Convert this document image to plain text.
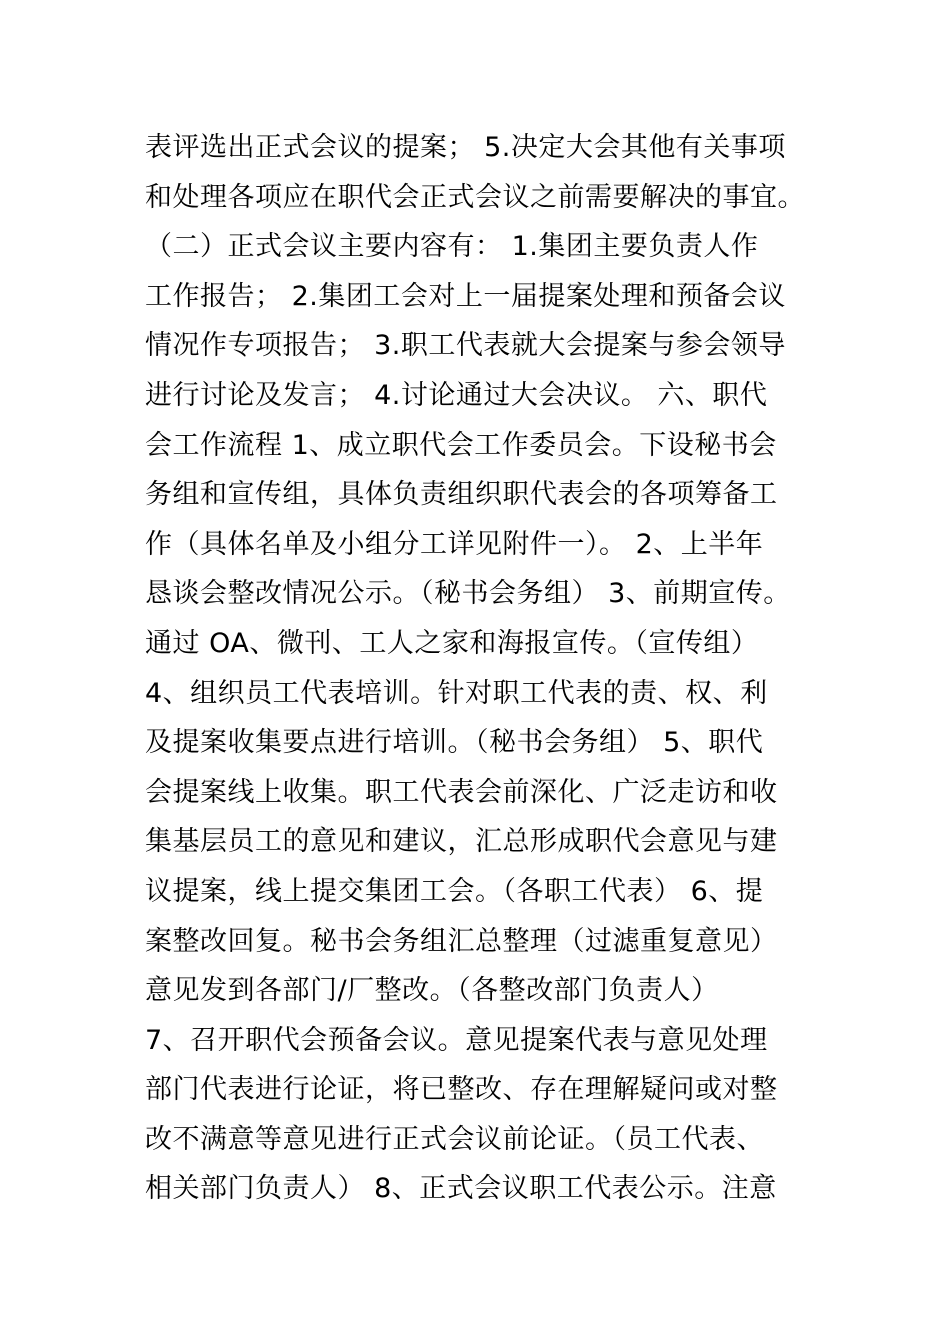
表评选出正式会议的提案； 5.决定大会其他有关事项
和处理各项应在职代会正式会议之前需要解决的事宜。
（二）正式会议主要内容有： 1.集团主要负责人作
工作报告； 2.集团工会对上一届提案处理和预备会议
情况作专项报告； 3.职工代表就大会提案与参会领导
进行讨论及发言； 4.讨论通过大会决议。 六、职代
会工作流程 1、成立职代会工作委员会。下设秘书会
务组和宣传组，具体负责组织职代表会的各项筹备工
作（具体名单及小组分工详见附件一）。 2、上半年
恳谈会整改情况公示。（秘书会务组） 3、前期宣传。
通过 OA、微刊、工人之家和海报宣传。（宣传组）
4、组织员工代表培训。针对职工代表的责、权、利
及提案收集要点进行培训。（秘书会务组） 5、职代
会提案线上收集。职工代表会前深化、广泛走访和收
集基层员工的意见和建议，汇总形成职代会意见与建
议提案，线上提交集团工会。（各职工代表） 6、提
案整改回复。秘书会务组汇总整理（过滤重复意见）
意见发到各部门/厂整改。（各整改部门负责人）
7、召开职代会预备会议。意见提案代表与意见处理
部门代表进行论证，将已整改、存在理解疑问或对整
改不满意等意见进行正式会议前论证。（员工代表、
相关部门负责人） 8、正式会议职工代表公示。注意
